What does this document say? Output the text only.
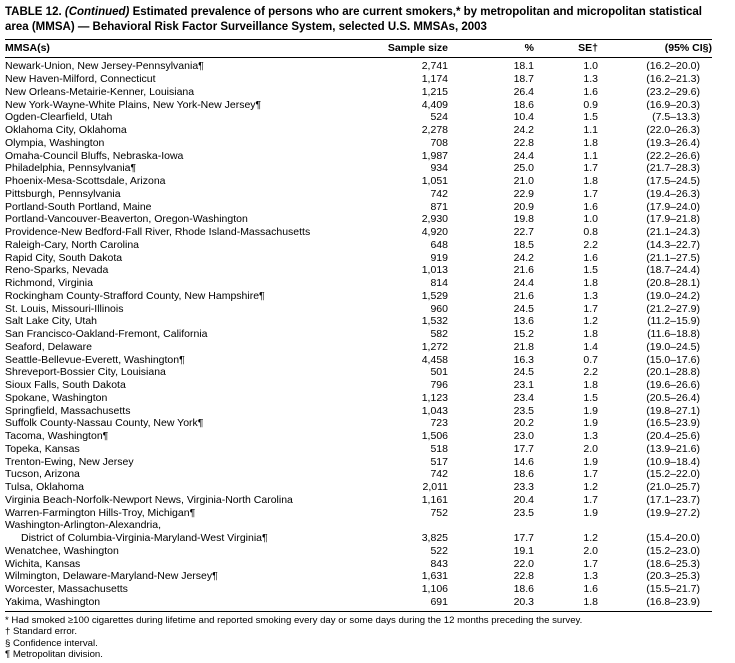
TABLE 12. (Continued) Estimated prevalence of persons who are current smokers,* by metropolitan and micropolitan statistical area (MMSA) — Behavioral Risk Factor Surveillance System, selected U.S. MMSAs, 2003
MMSA(s)	Sample size	%	SE†	(95% CI§)
Newark-Union, New Jersey-Pennsylvania¶	2,741	18.1	1.0	(16.2–20.0)
New Haven-Milford, Connecticut	1,174	18.7	1.3	(16.2–21.3)
New Orleans-Metairie-Kenner, Louisiana	1,215	26.4	1.6	(23.2–29.6)
New York-Wayne-White Plains, New York-New Jersey¶	4,409	18.6	0.9	(16.9–20.3)
Ogden-Clearfield, Utah	524	10.4	1.5	(7.5–13.3)
Oklahoma City, Oklahoma	2,278	24.2	1.1	(22.0–26.3)
Olympia, Washington	708	22.8	1.8	(19.3–26.4)
Omaha-Council Bluffs, Nebraska-Iowa	1,987	24.4	1.1	(22.2–26.6)
Philadelphia, Pennsylvania¶	934	25.0	1.7	(21.7–28.3)
Phoenix-Mesa-Scottsdale, Arizona	1,051	21.0	1.8	(17.5–24.5)
Pittsburgh, Pennsylvania	742	22.9	1.7	(19.4–26.3)
Portland-South Portland, Maine	871	20.9	1.6	(17.9–24.0)
Portland-Vancouver-Beaverton, Oregon-Washington	2,930	19.8	1.0	(17.9–21.8)
Providence-New Bedford-Fall River, Rhode Island-Massachusetts	4,920	22.7	0.8	(21.1–24.3)
Raleigh-Cary, North Carolina	648	18.5	2.2	(14.3–22.7)
Rapid City, South Dakota	919	24.2	1.6	(21.1–27.5)
Reno-Sparks, Nevada	1,013	21.6	1.5	(18.7–24.4)
Richmond, Virginia	814	24.4	1.8	(20.8–28.1)
Rockingham County-Strafford County, New Hampshire¶	1,529	21.6	1.3	(19.0–24.2)
St. Louis, Missouri-Illinois	960	24.5	1.7	(21.2–27.9)
Salt Lake City, Utah	1,532	13.6	1.2	(11.2–15.9)
San Francisco-Oakland-Fremont, California	582	15.2	1.8	(11.6–18.8)
Seaford, Delaware	1,272	21.8	1.4	(19.0–24.5)
Seattle-Bellevue-Everett, Washington¶	4,458	16.3	0.7	(15.0–17.6)
Shreveport-Bossier City, Louisiana	501	24.5	2.2	(20.1–28.8)
Sioux Falls, South Dakota	796	23.1	1.8	(19.6–26.6)
Spokane, Washington	1,123	23.4	1.5	(20.5–26.4)
Springfield, Massachusetts	1,043	23.5	1.9	(19.8–27.1)
Suffolk County-Nassau County, New York¶	723	20.2	1.9	(16.5–23.9)
Tacoma, Washington¶	1,506	23.0	1.3	(20.4–25.6)
Topeka, Kansas	518	17.7	2.0	(13.9–21.6)
Trenton-Ewing, New Jersey	517	14.6	1.9	(10.9–18.4)
Tucson, Arizona	742	18.6	1.7	(15.2–22.0)
Tulsa, Oklahoma	2,011	23.3	1.2	(21.0–25.7)
Virginia Beach-Norfolk-Newport News, Virginia-North Carolina	1,161	20.4	1.7	(17.1–23.7)
Warren-Farmington Hills-Troy, Michigan¶	752	23.5	1.9	(19.9–27.2)
Washington-Arlington-Alexandria,				
District of Columbia-Virginia-Maryland-West Virginia¶	3,825	17.7	1.2	(15.4–20.0)
Wenatchee, Washington	522	19.1	2.0	(15.2–23.0)
Wichita, Kansas	843	22.0	1.7	(18.6–25.3)
Wilmington, Delaware-Maryland-New Jersey¶	1,631	22.8	1.3	(20.3–25.3)
Worcester, Massachusetts	1,106	18.6	1.6	(15.5–21.7)
Yakima, Washington	691	20.3	1.8	(16.8–23.9)
* Had smoked ≥100 cigarettes during lifetime and reported smoking every day or some days during the 12 months preceding the survey.
† Standard error.
§ Confidence interval.
¶ Metropolitan division.
